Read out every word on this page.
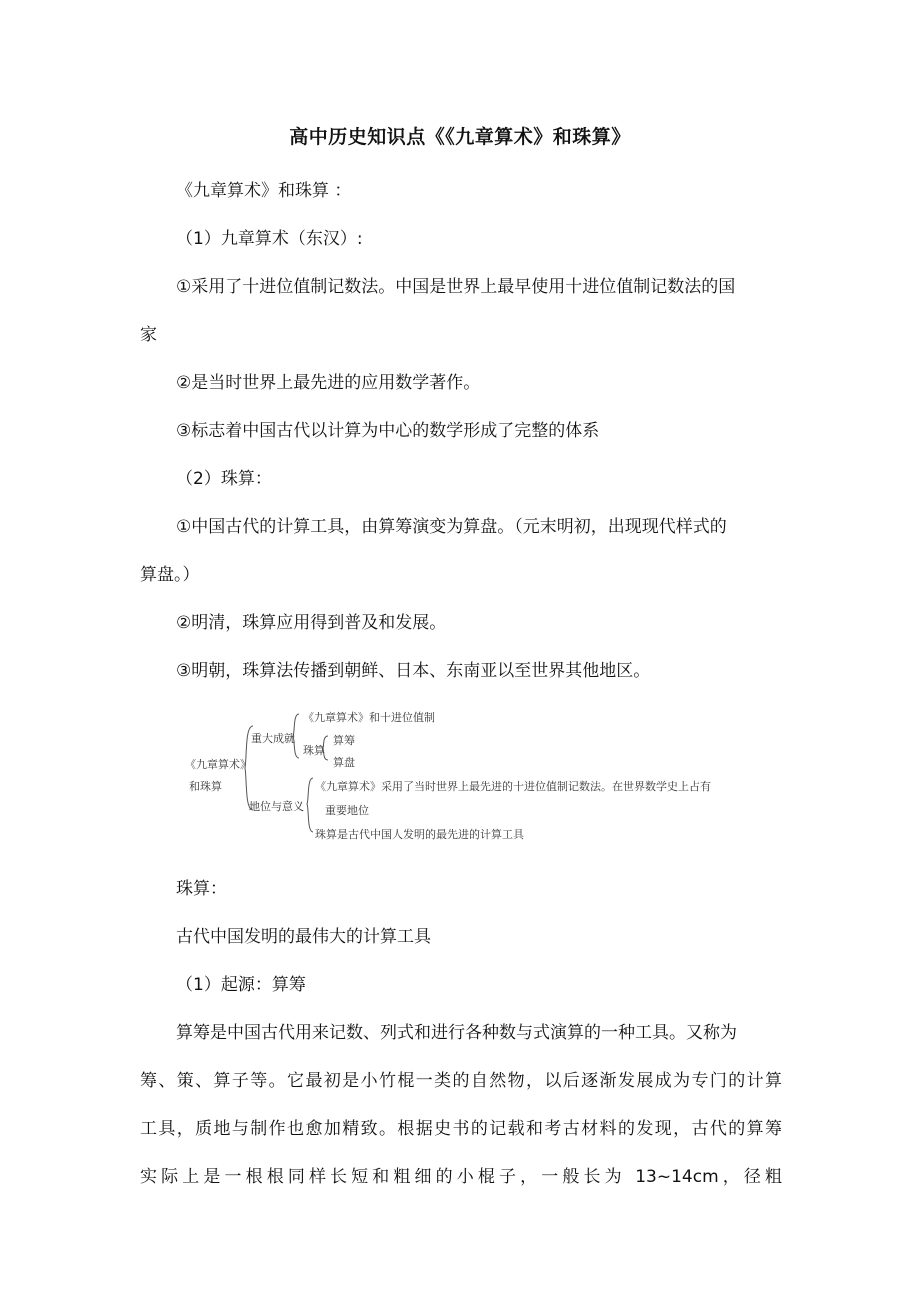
高中历史知识点《《九章算术》和珠算》
《九章算术》和珠算 ：
（1）九章算术（东汉）:
①采用了十进位值制记数法。中国是世界上最早使用十进位值制记数法的国
家
②是当时世界上最先进的应用数学著作。
③标志着中国古代以计算为中心的数学形成了完整的体系
（2）珠算：
①中国古代的计算工具，由算筹演变为算盘。（元末明初，出现现代样式的
算盘。）
②明清，珠算应用得到普及和发展。
③明朝，珠算法传播到朝鲜、日本、东南亚以至世界其他地区。
《九章算术》
和珠算
重大成就
《九章算术》和十进位值制
珠算
算筹
算盘
地位与意义
《九章算术》采用了当时世界上最先进的十进位值制记数法。在世界数学史上占有
重要地位
珠算是古代中国人发明的最先进的计算工具
珠算：
古代中国发明的最伟大的计算工具
（1）起源：算筹
算筹是中国古代用来记数、列式和进行各种数与式演算的一种工具。又称为
筹、策、算子等。它最初是小竹棍一类的自然物，以后逐渐发展成为专门的计算
工具，质地与制作也愈加精致。根据史书的记载和考古材料的发现，古代的算筹
实际上是一根根同样长短和粗细的小棍子，一般长为 13~14cm，径粗
